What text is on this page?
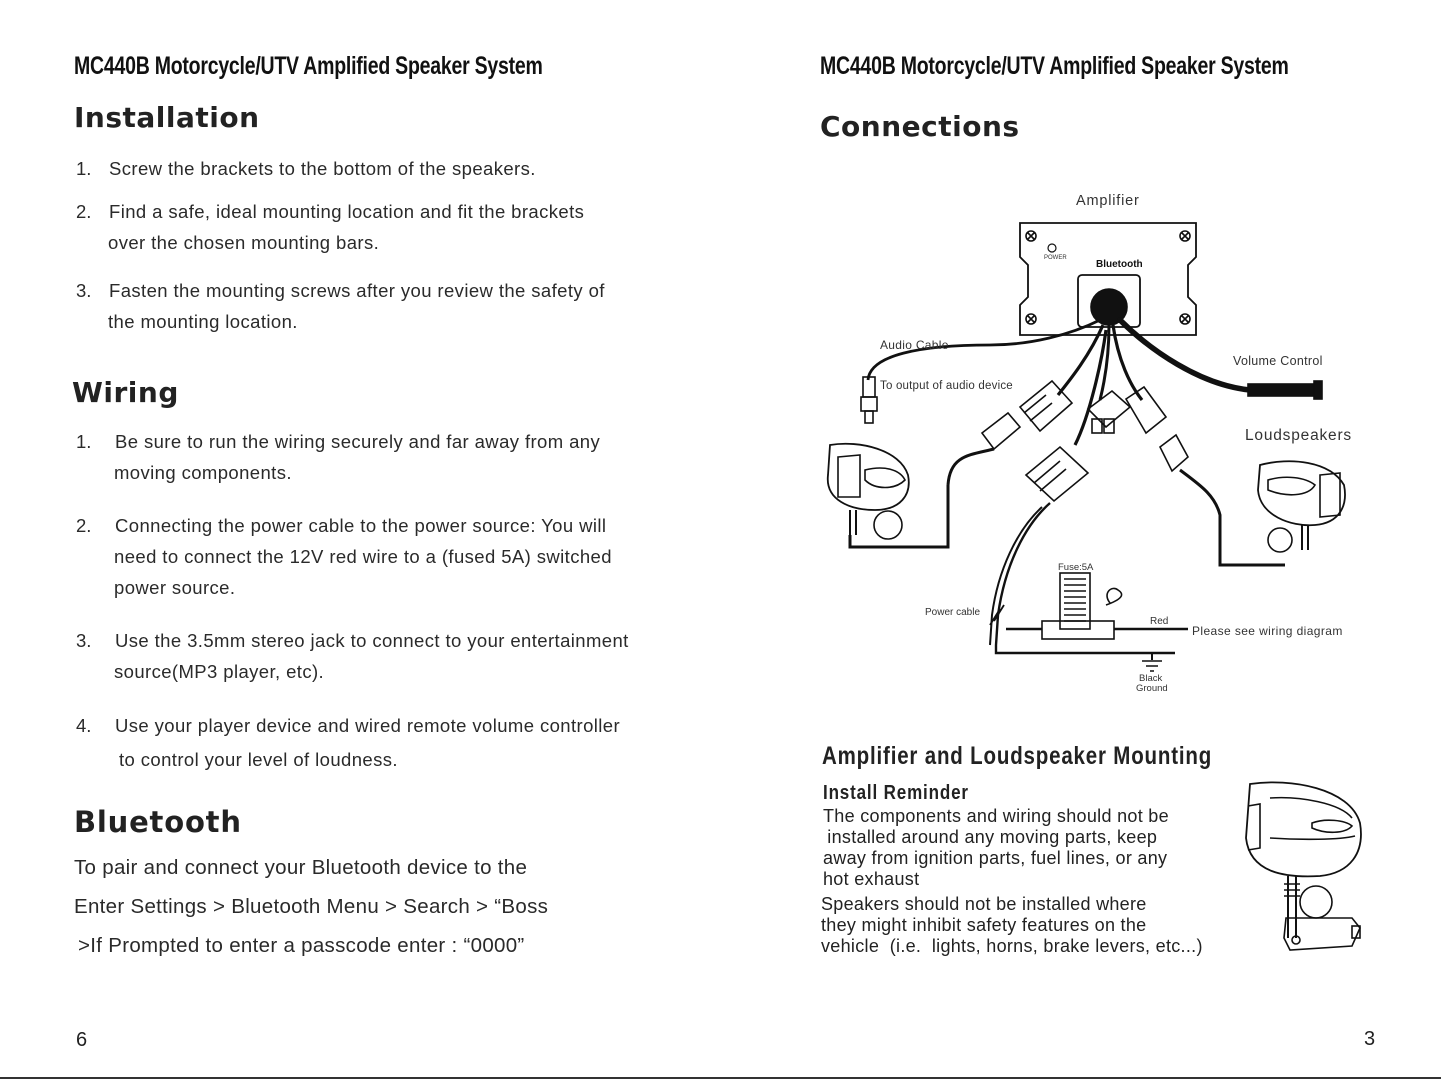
MC440B Motorcycle/UTV Amplified Speaker System
Installation
1. Screw the brackets to the bottom of the speakers.
2. Find a safe, ideal mounting location and fit the brackets
over the chosen mounting bars.
3. Fasten the mounting screws after you review the safety of
the mounting location.
Wiring
1. Be sure to run the wiring securely and far away from any
moving components.
2. Connecting the power cable to the power source: You will
need to connect the 12V red wire to a (fused 5A) switched
power source.
3. Use the 3.5mm stereo jack to connect to your entertainment
source(MP3 player, etc).
4. Use your player device and wired remote volume controller
to control your level of loudness.
Bluetooth
To pair and connect your Bluetooth device to the
Enter Settings > Bluetooth Menu > Search > “Boss
>If Prompted to enter a passcode enter : “0000”
6
MC440B Motorcycle/UTV Amplified Speaker System
Connections
Amplifier
POWER
Bluetooth
Audio Cable
To output of audio device
Volume Control
Loudspeakers
Fuse:5A
Power cable
Red
Please see wiring diagram
Black
Ground
Amplifier and Loudspeaker Mounting
Install Reminder
The components and wiring should not be
installed around any moving parts, keep
away from ignition parts, fuel lines, or any
hot exhaust
Speakers should not be installed where
they might inhibit safety features on the
vehicle  (i.e.  lights, horns, brake levers, etc...)
3
